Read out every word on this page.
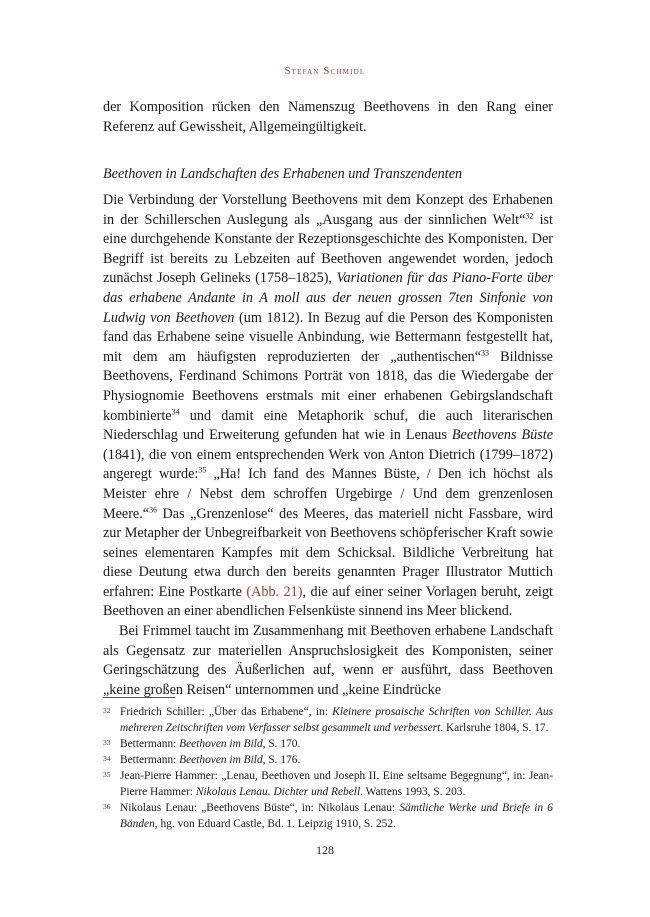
Stefan Schmidl

der Komposition rücken den Namenszug Beethovens in den Rang einer Referenz auf Gewissheit, Allgemeingültigkeit.

Beethoven in Landschaften des Erhabenen und Transzendenten

Die Verbindung der Vorstellung Beethovens mit dem Konzept des Erhabenen in der Schillerschen Auslegung als „Ausgang aus der sinnlichen Welt“$^{32}$ ist eine durchgehende Konstante der Rezeptionsgeschichte des Komponisten. Der Begriff ist bereits zu Lebzeiten auf Beethoven angewendet worden, jedoch zunächst Joseph Gelineks (1758–1825), Variationen für das Piano-Forte über das erhabene Andante in A moll aus der neuen grossen 7ten Sinfonie von Ludwig von Beethoven (um 1812). In Bezug auf die Person des Komponisten fand das Erhabene seine visuelle Anbindung, wie Bettermann festgestellt hat, mit dem am häufigsten reproduzierten der „authentischen“$^{33}$ Bildnisse Beethovens, Ferdinand Schimons Porträt von 1818, das die Wiedergabe der Physiognomie Beethovens erstmals mit einer erhabenen Gebirgslandschaft kombinierte$^{34}$ und damit eine Metaphorik schuf, die auch literarischen Niederschlag und Erweiterung gefunden hat wie in Lenaus Beethovens Büste (1841), die von einem entsprechenden Werk von Anton Dietrich (1799–1872) angeregt wurde:$^{35}$ „Ha! Ich fand des Mannes Büste, / Den ich höchst als Meister ehre / Nebst dem schroffen Urgebirge / Und dem grenzenlosen Meere.“$^{36}$ Das „Grenzenlose“ des Meeres, das materiell nicht Fassbare, wird zur Metapher der Unbegreifbarkeit von Beethovens schöpferischer Kraft sowie seines elementaren Kampfes mit dem Schicksal. Bildliche Verbreitung hat diese Deutung etwa durch den bereits genannten Prager Illustrator Muttich erfahren: Eine Postkarte (Abb. 21), die auf einer seiner Vorlagen beruht, zeigt Beethoven an einer abendlichen Felsenküste sinnend ins Meer blickend.

Bei Frimmel taucht im Zusammenhang mit Beethoven erhabene Landschaft als Gegensatz zur materiellen Anspruchslosigkeit des Komponisten, seiner Geringschätzung des Äußerlichen auf, wenn er ausführt, dass Beethoven „keine großen Reisen“ unternommen und „keine Eindrücke

32 Friedrich Schiller: „Über das Erhabene“, in: Kleinere prosaische Schriften von Schiller. Aus mehreren Zeitschriften vom Verfasser selbst gesammelt und verbessert. Karlsruhe 1804, S. 17.
33 Bettermann: Beethoven im Bild, S. 170.
34 Bettermann: Beethoven im Bild, S. 176.
35 Jean-Pierre Hammer: „Lenau, Beethoven und Joseph II. Eine seltsame Begegnung“, in: Jean-Pierre Hammer: Nikolaus Lenau. Dichter und Rebell. Wattens 1993, S. 203.
36 Nikolaus Lenau: „Beethovens Büste“, in: Nikolaus Lenau: Sämtliche Werke und Briefe in 6 Bänden, hg. von Eduard Castle, Bd. 1. Leipzig 1910, S. 252.
128
